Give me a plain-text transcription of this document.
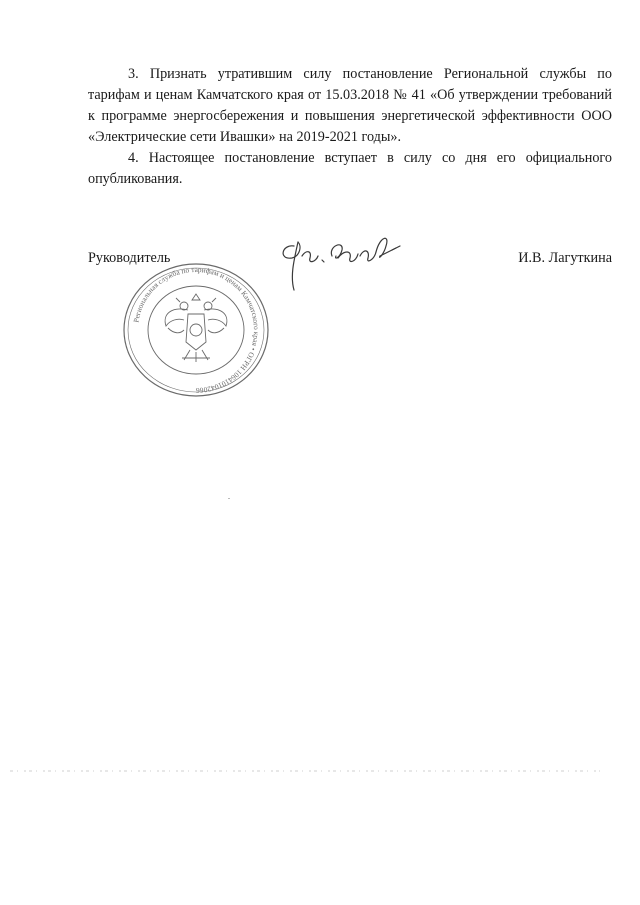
3. Признать утратившим силу постановление Региональной службы по тарифам и ценам Камчатского края от 15.03.2018 № 41 «Об утверждении требований к программе энергосбережения и повышения энергетической эффективности ООО «Электрические сети Ивашки» на 2019-2021 годы».

4. Настоящее постановление вступает в силу со дня его официального опубликования.

Руководитель	И.В. Лагуткина
Региональная служба по тарифам и ценам Камчатского края • ОГРН 1064101042066
